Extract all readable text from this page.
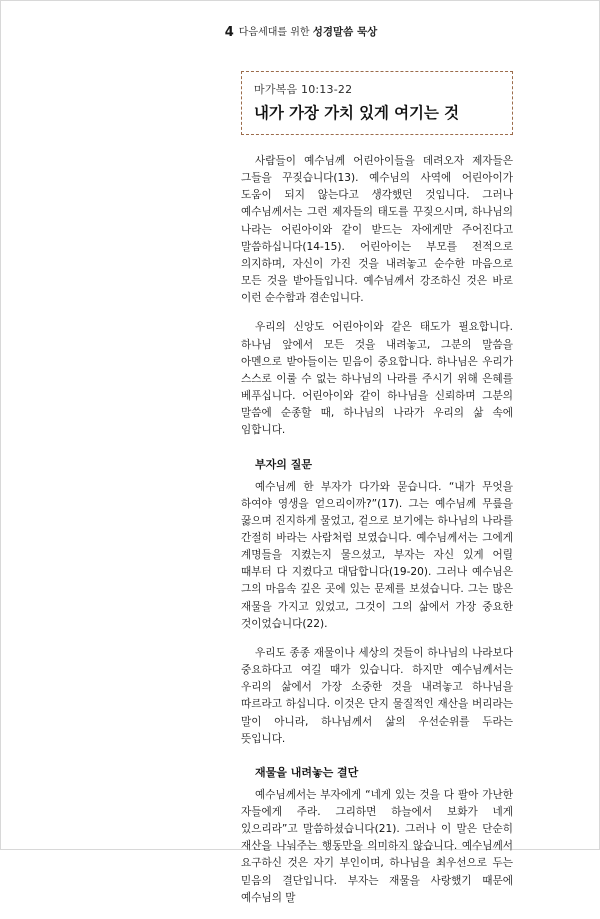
4 다음세대를 위한 성경말씀 묵상
마가복음 10:13-22
내가 가장 가치 있게 여기는 것

사람들이 예수님께 어린아이들을 데려오자 제자들은 그들을 꾸짖습니다(13). 예수님의 사역에 어린아이가 도움이 되지 않는다고 생각했던 것입니다. 그러나 예수님께서는 그런 제자들의 태도를 꾸짖으시며, 하나님의 나라는 어린아이와 같이 받드는 자에게만 주어진다고 말씀하십니다(14-15). 어린아이는 부모를 전적으로 의지하며, 자신이 가진 것을 내려놓고 순수한 마음으로 모든 것을 받아들입니다. 예수님께서 강조하신 것은 바로 이런 순수함과 겸손입니다.

우리의 신앙도 어린아이와 같은 태도가 필요합니다. 하나님 앞에서 모든 것을 내려놓고, 그분의 말씀을 아멘으로 받아들이는 믿음이 중요합니다. 하나님은 우리가 스스로 이룰 수 없는 하나님의 나라를 주시기 위해 은혜를 베푸십니다. 어린아이와 같이 하나님을 신뢰하며 그분의 말씀에 순종할 때, 하나님의 나라가 우리의 삶 속에 임합니다.

부자의 질문

예수님께 한 부자가 다가와 묻습니다. “내가 무엇을 하여야 영생을 얻으리이까?”(17). 그는 예수님께 무릎을 꿇으며 진지하게 물었고, 겉으로 보기에는 하나님의 나라를 간절히 바라는 사람처럼 보였습니다. 예수님께서는 그에게 계명들을 지켰는지 물으셨고, 부자는 자신 있게 어릴 때부터 다 지켰다고 대답합니다(19-20). 그러나 예수님은 그의 마음속 깊은 곳에 있는 문제를 보셨습니다. 그는 많은 재물을 가지고 있었고, 그것이 그의 삶에서 가장 중요한 것이었습니다(22).

우리도 종종 재물이나 세상의 것들이 하나님의 나라보다 중요하다고 여길 때가 있습니다. 하지만 예수님께서는 우리의 삶에서 가장 소중한 것을 내려놓고 하나님을 따르라고 하십니다. 이것은 단지 물질적인 재산을 버리라는 말이 아니라, 하나님께서 삶의 우선순위를 두라는 뜻입니다.

재물을 내려놓는 결단

예수님께서는 부자에게 “네게 있는 것을 다 팔아 가난한 자들에게 주라. 그리하면 하늘에서 보화가 네게 있으리라”고 말씀하셨습니다(21). 그러나 이 말은 단순히 재산을 나눠주는 행동만을 의미하지 않습니다. 예수님께서 요구하신 것은 자기 부인이며, 하나님을 최우선으로 두는 믿음의 결단입니다. 부자는 재물을 사랑했기 때문에 예수님의 말
